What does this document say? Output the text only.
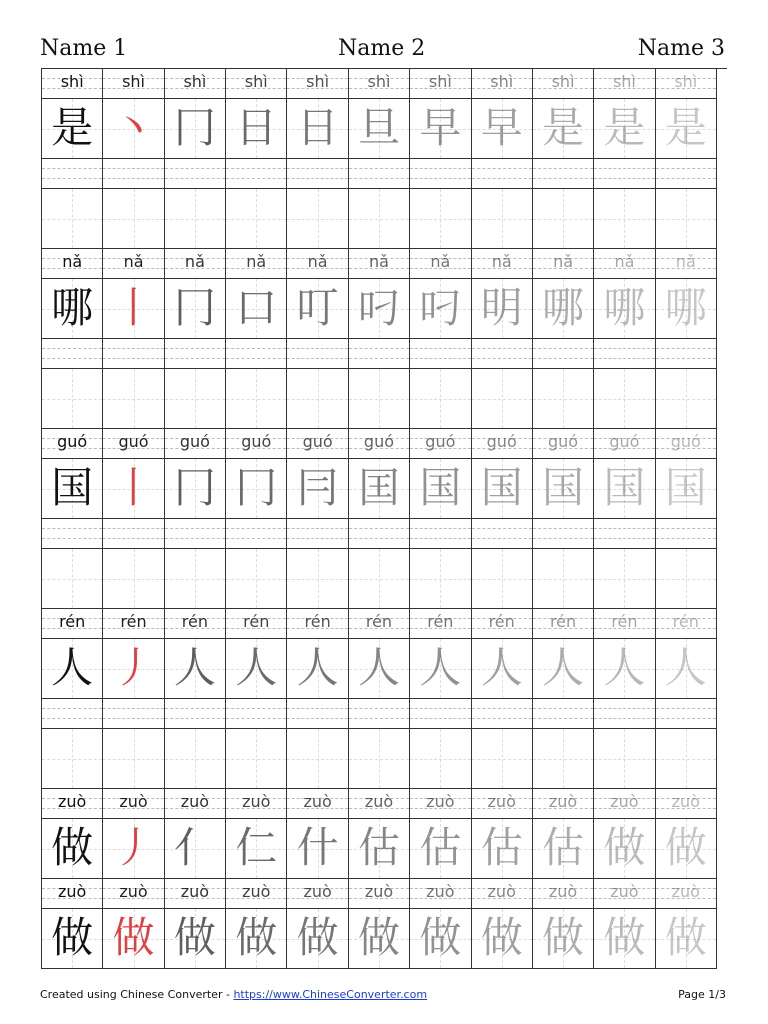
Name 1	Name 2	Name 3
shì	shì	shì	shì	shì	shì	shì	shì	shì	shì	shì
是 丶 冂 日 日 旦 早 早 是 是 是
nǎ	nǎ	nǎ	nǎ	nǎ	nǎ	nǎ	nǎ	nǎ	nǎ	nǎ
哪 丨 冂 口 叮 叼 叼 明 哪 哪 哪
guó	guó	guó	guó	guó	guó	guó	guó	guó	guó	guó
国 丨 冂 冂 冃 囯 国 国 国 国 国
rén	rén	rén	rén	rén	rén	rén	rén	rén	rén	rén
人 丿 人 人 人 人 人 人 人 人 人
zuò	zuò	zuò	zuò	zuò	zuò	zuò	zuò	zuò	zuò	zuò
做 丿 亻 仁 什 估 估 估 估 做 做
zuò	zuò	zuò	zuò	zuò	zuò	zuò	zuò	zuò	zuò	zuò
做 做 做 做 做 做 做 做 做 做 做
Created using Chinese Converter - https://www.ChineseConverter.com	Page 1/3
